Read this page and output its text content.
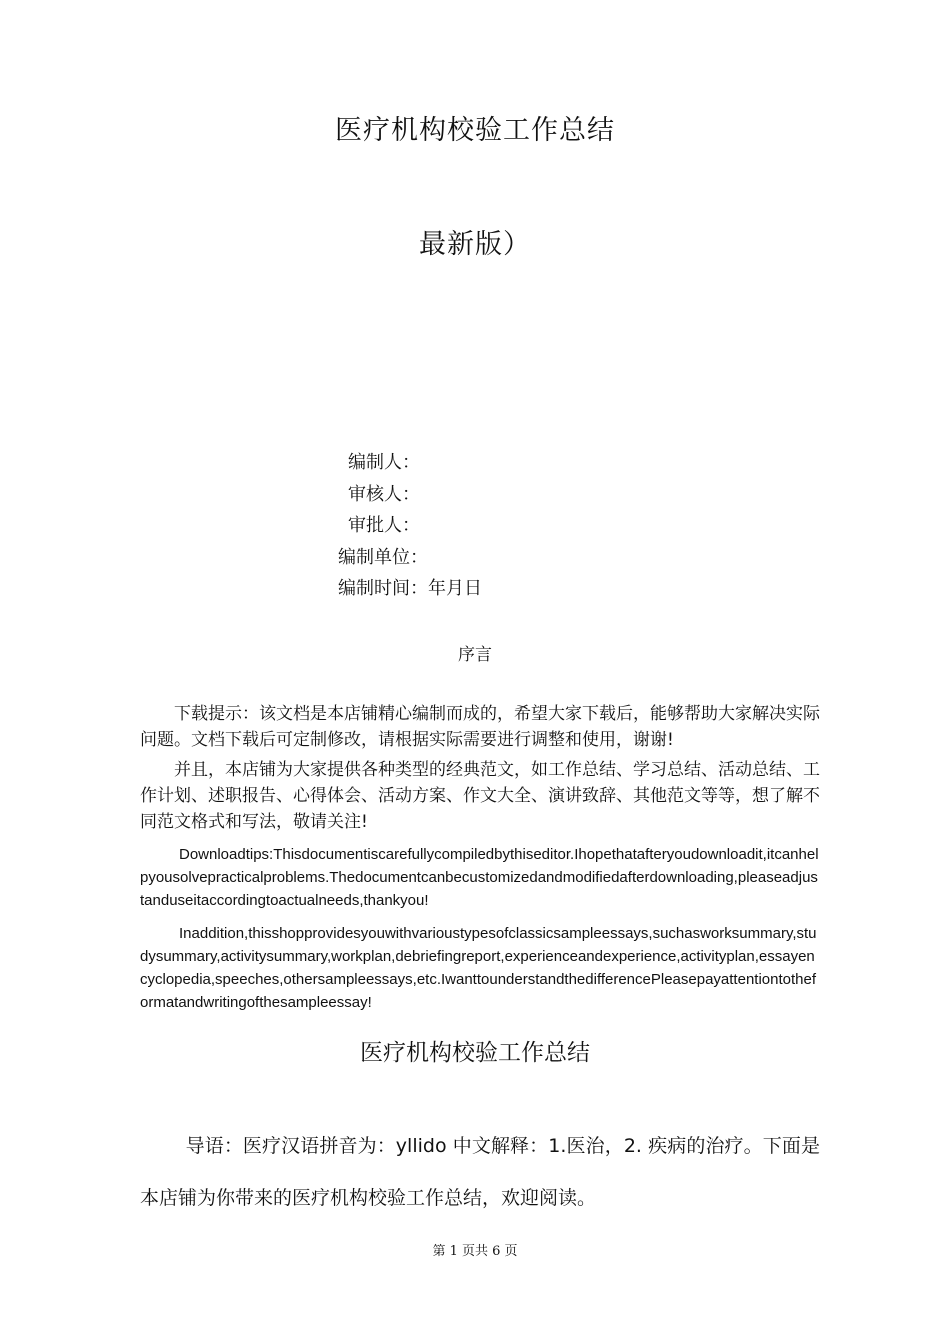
医疗机构校验工作总结
最新版）
编制人：
审核人：
审批人：
编制单位：
编制时间：年月日
序言

下载提示：该文档是本店铺精心编制而成的，希望大家下载后，能够帮助大家解决实际问题。文档下载后可定制修改，请根据实际需要进行调整和使用，谢谢!

并且，本店铺为大家提供各种类型的经典范文，如工作总结、学习总结、活动总结、工作计划、述职报告、心得体会、活动方案、作文大全、演讲致辞、其他范文等等，想了解不同范文格式和写法，敬请关注!

Downloadtips:Thisdocumentiscarefullycompiledbythiseditor.Ihopethatafteryoudownloadit,itcanhelpyousolvepracticalproblems.Thedocumentcanbecustomizedandmodifiedafterdownloading,pleaseadjustanduseitaccordingtoactualneeds,thankyou!

Inaddition,thisshopprovidesyouwithvarioustypesofclassicsampleessays,suchasworksummary,studysummary,activitysummary,workplan,debriefingreport,experienceandexperience,activityplan,essayencyclopedia,speeches,othersampleessays,etc.IwanttounderstandthedifferencePleasepayattentiontotheformatandwritingofthesampleessay!

医疗机构校验工作总结

导语：医疗汉语拼音为：yllido 中文解释：1.医治，2. 疾病的治疗。下面是本店铺为你带来的医疗机构校验工作总结，欢迎阅读。

第 1 页共 6 页
